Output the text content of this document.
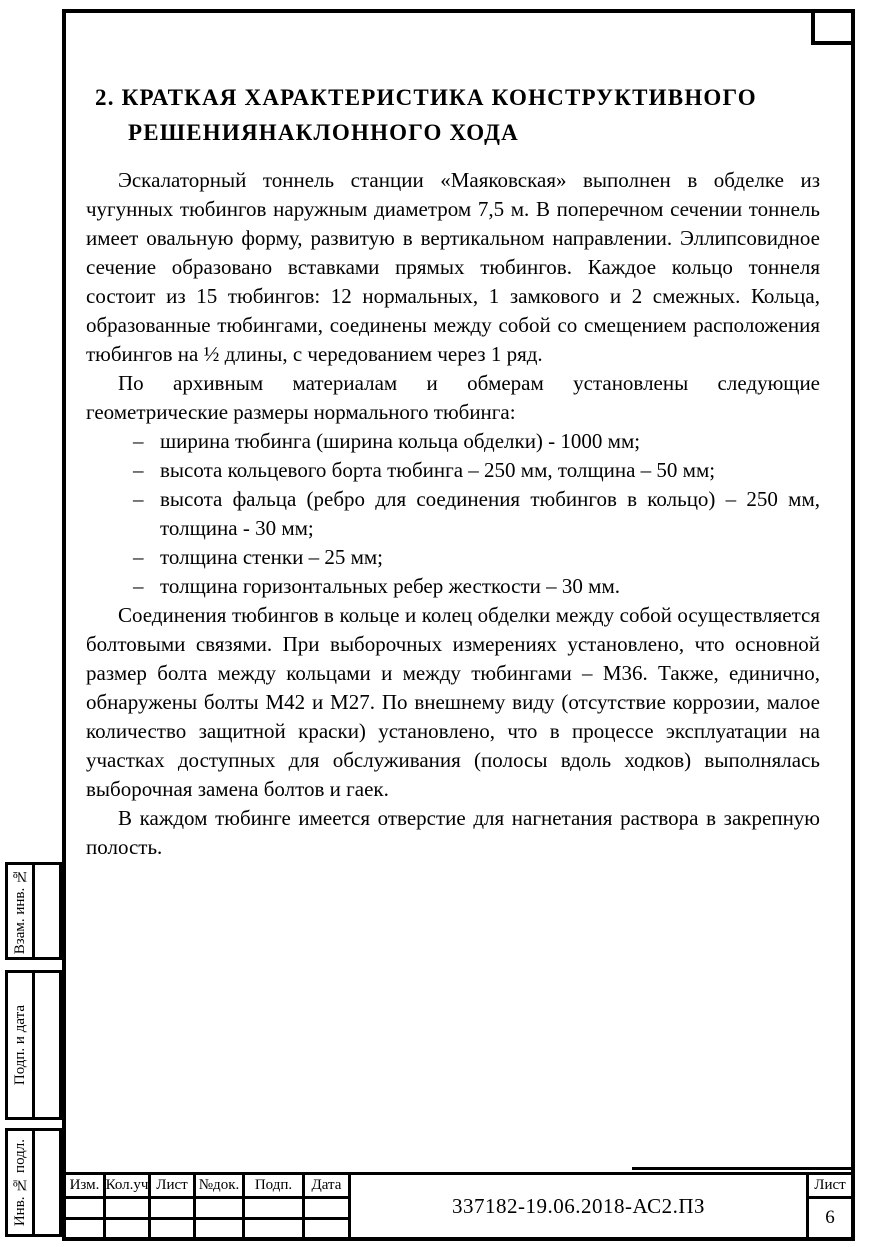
Взам. инв. №
Подп. и дата
Инв. № подл.
2. КРАТКАЯ ХАРАКТЕРИСТИКА КОНСТРУКТИВНОГО
РЕШЕНИЯНАКЛОННОГО ХОДА

Эскалаторный тоннель станции «Маяковская» выполнен в обделке из чугунных тюбингов наружным диаметром 7,5 м. В поперечном сечении тоннель имеет овальную форму, развитую в вертикальном направлении. Эллипсовидное сечение образовано вставками прямых тюбингов. Каждое кольцо тоннеля состоит из 15 тюбингов: 12 нормальных, 1 замкового и 2 смежных. Кольца, образованные тюбингами, соединены между собой со смещением расположения тюбингов на ½ длины, с чередованием через 1 ряд.

По архивным материалам и обмерам установлены следующие геометрические размеры нормального тюбинга:

– ширина тюбинга (ширина кольца обделки) - 1000 мм;
– высота кольцевого борта тюбинга – 250 мм, толщина – 50 мм;
– высота фальца (ребро для соединения тюбингов в кольцо) – 250 мм, толщина - 30 мм;
– толщина стенки – 25 мм;
– толщина горизонтальных ребер жесткости – 30 мм.

Соединения тюбингов в кольце и колец обделки между собой осуществляется болтовыми связями. При выборочных измерениях установлено, что основной размер болта между кольцами и между тюбингами – М36. Также, единично, обнаружены болты М42 и М27. По внешнему виду (отсутствие коррозии, малое количество защитной краски) установлено, что в процессе эксплуатации на участках доступных для обслуживания (полосы вдоль ходков) выполнялась выборочная замена болтов и гаек.

В каждом тюбинге имеется отверстие для нагнетания раствора в закрепную полость.

Изм. Кол.уч Лист №док.	Подп.	Дата
337182-19.06.2018-АС2.ПЗ
Лист
6
